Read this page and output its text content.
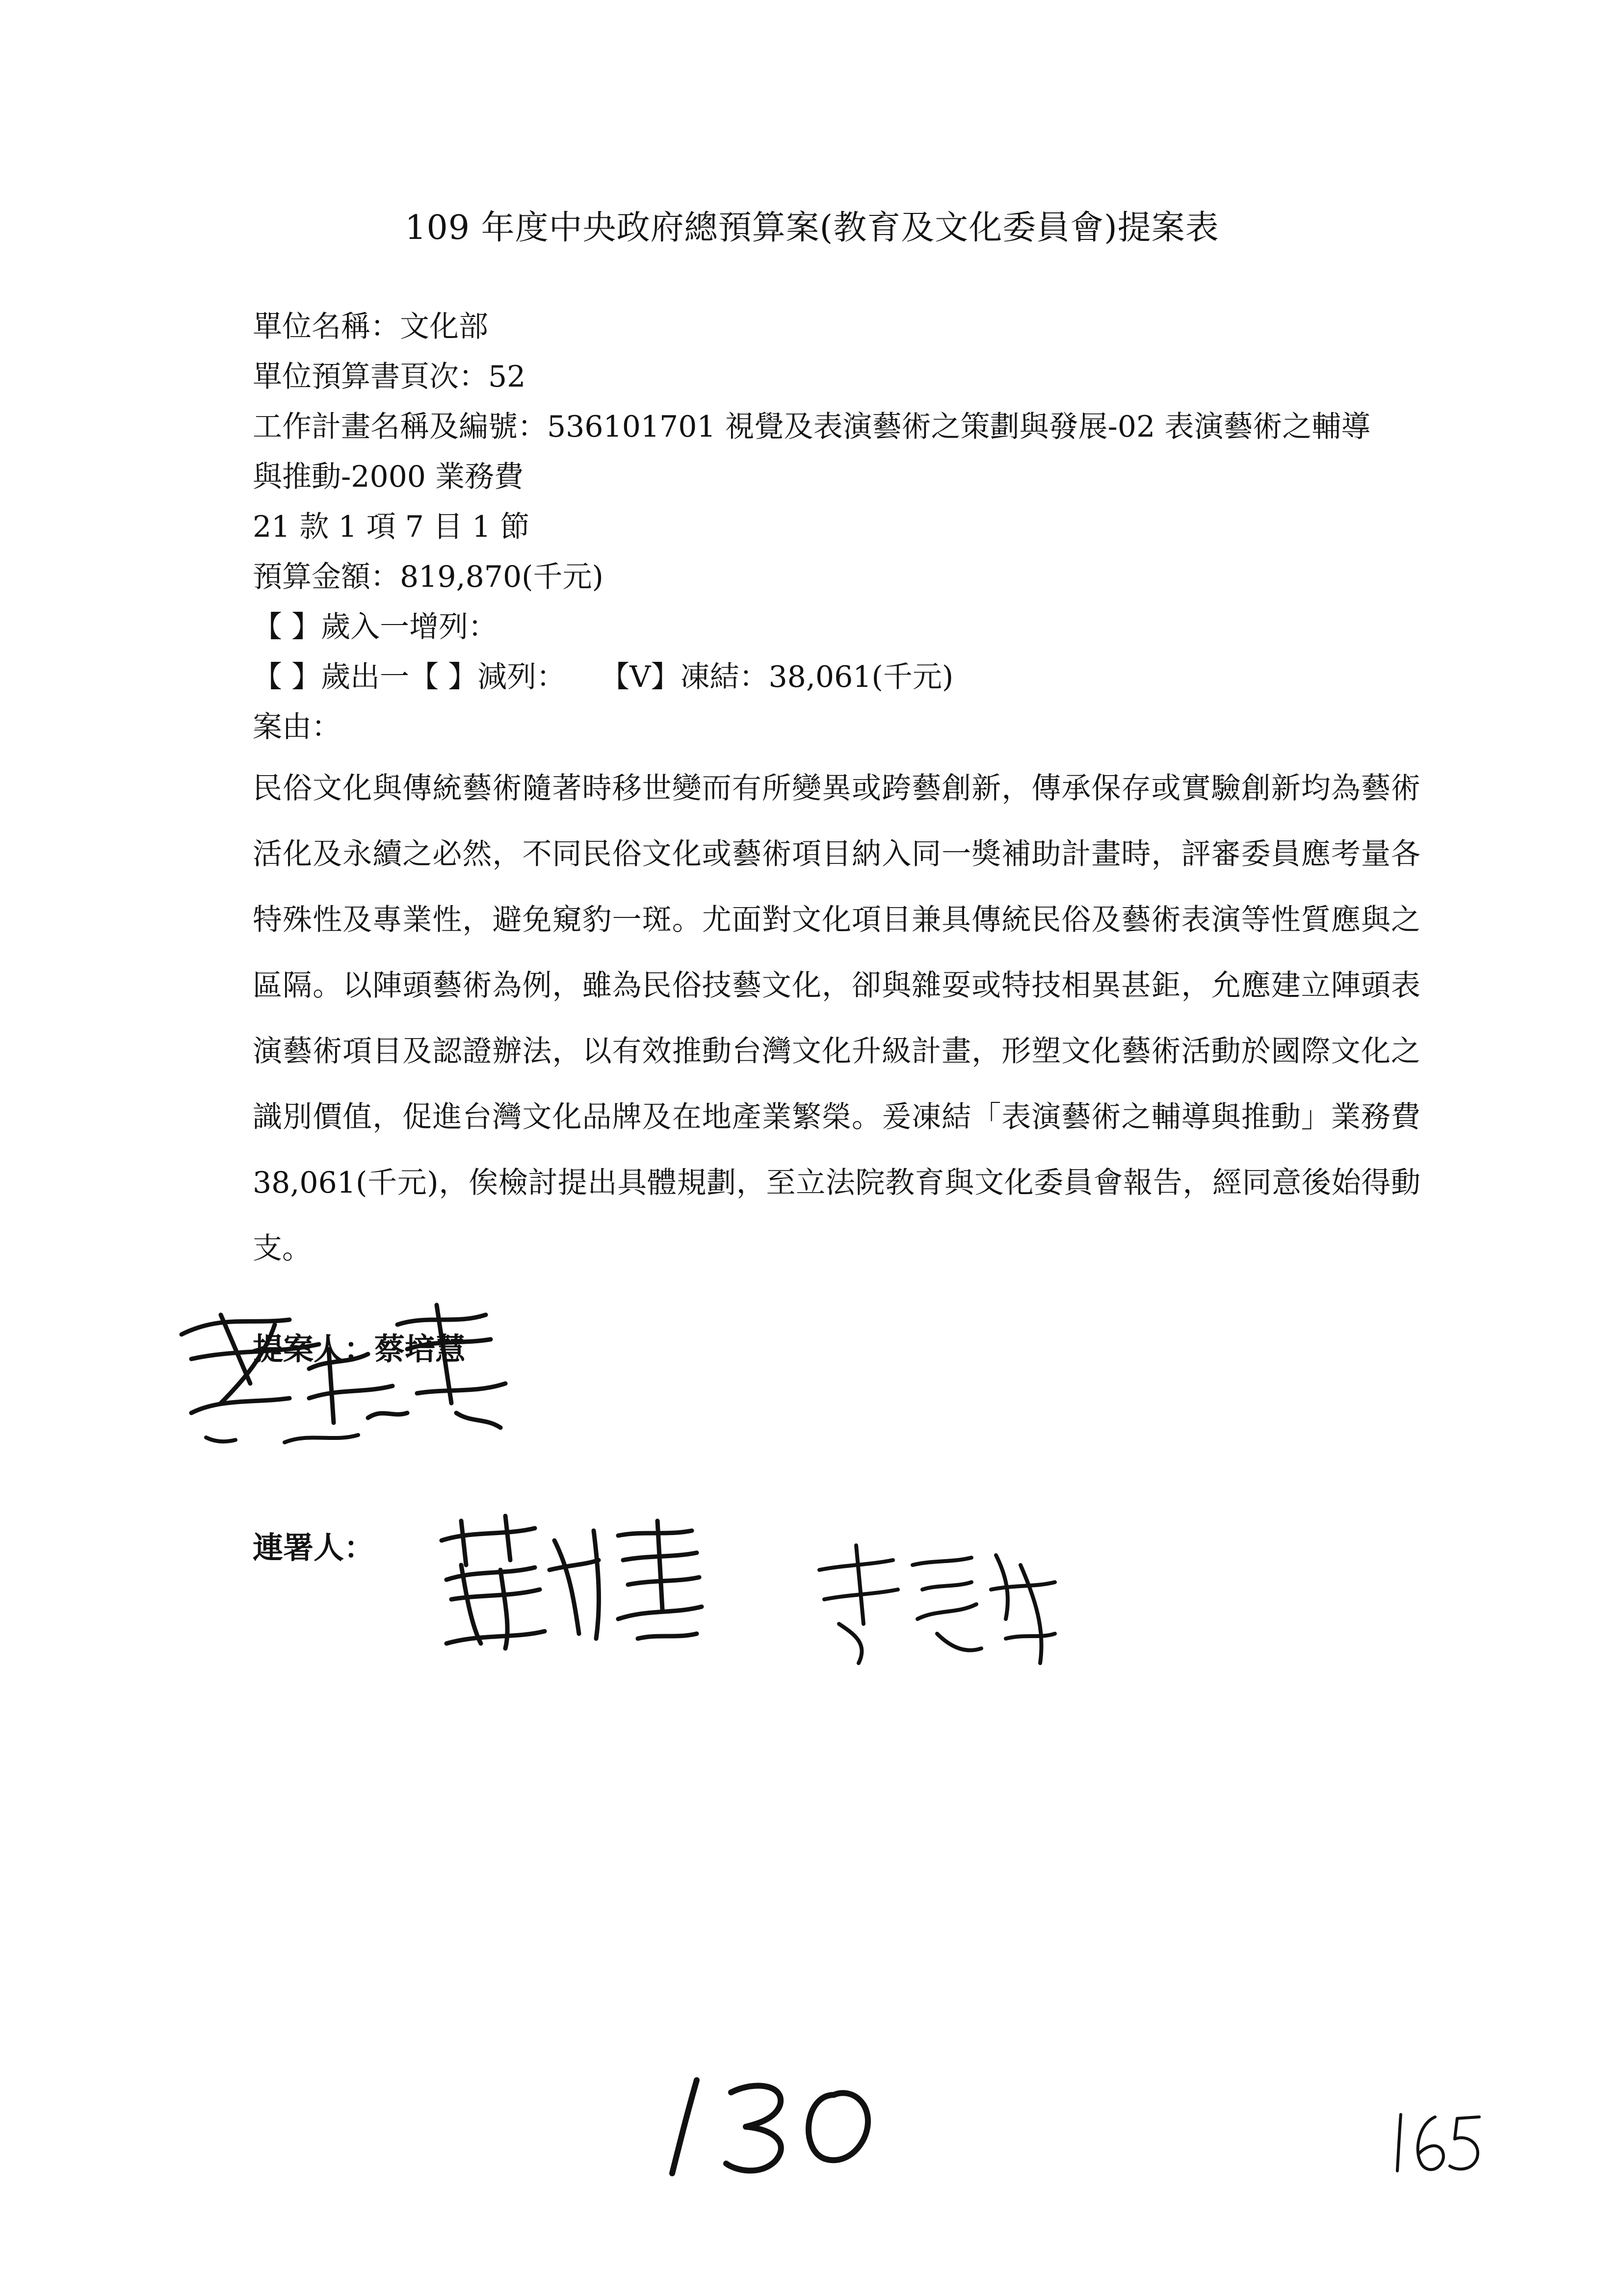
109 年度中央政府總預算案(教育及文化委員會)提案表
單位名稱：文化部
單位預算書頁次：52
工作計畫名稱及編號：536101701 視覺及表演藝術之策劃與發展-02 表演藝術之輔導與推動-2000 業務費
21 款 1 項 7 目 1 節
預算金額：819,870(千元)
【 】歲入一增列：
【 】歲出一【 】減列： 【V】凍結：38,061(千元)
案由：
民俗文化與傳統藝術隨著時移世變而有所變異或跨藝創新，傳承保存或實驗創新均為藝術活化及永續之必然，不同民俗文化或藝術項目納入同一獎補助計畫時，評審委員應考量各特殊性及專業性，避免窺豹一斑。尤面對文化項目兼具傳統民俗及藝術表演等性質應與之區隔。以陣頭藝術為例，雖為民俗技藝文化，卻與雜耍或特技相異甚鉅，允應建立陣頭表演藝術項目及認證辦法，以有效推動台灣文化升級計畫，形塑文化藝術活動於國際文化之識別價值，促進台灣文化品牌及在地產業繁榮。爰凍結「表演藝術之輔導與推動」業務費 38,061(千元)，俟檢討提出具體規劃，至立法院教育與文化委員會報告，經同意後始得動支。
提案人：蔡培慧
連署人：
